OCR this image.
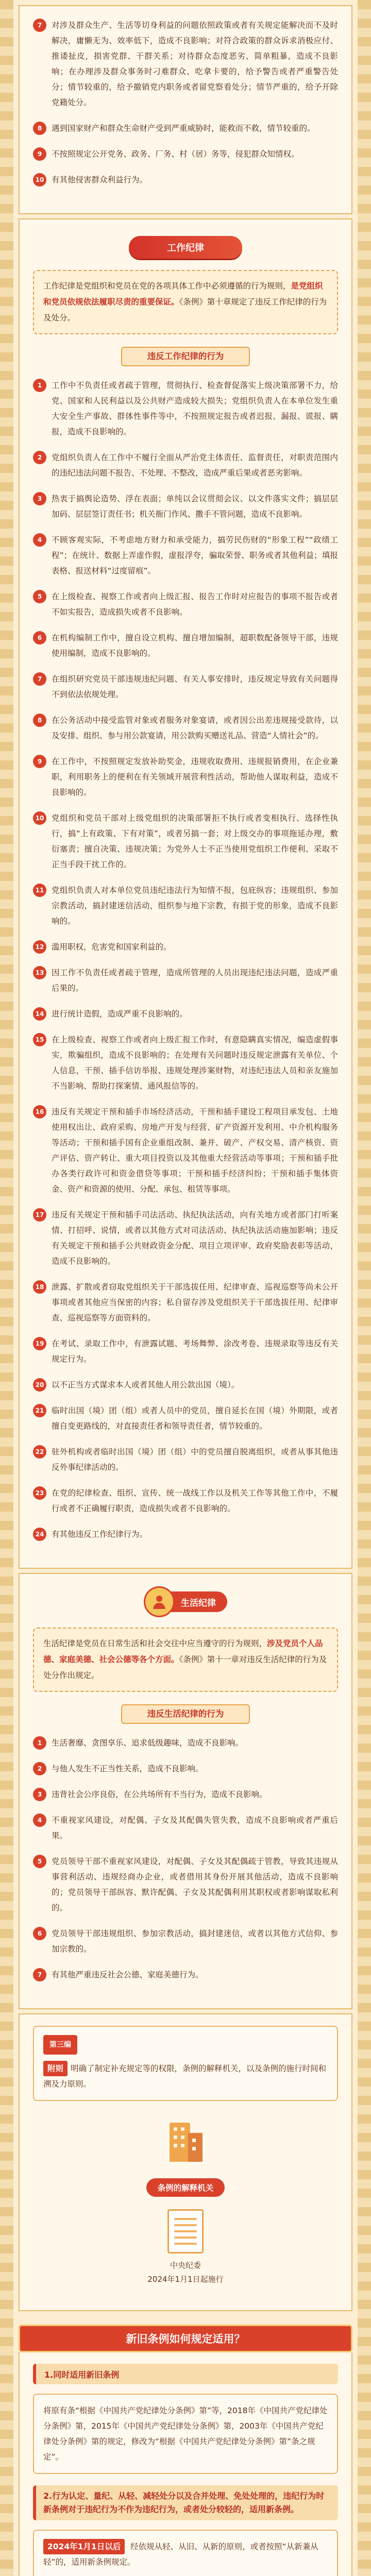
7	对涉及群众生产、生活等切身利益的问题依照政策或者有关规定能解决而不及时解决，庸懒无为、效率低下，造成不良影响；对符合政策的群众诉求消极应付、推诿扯皮，损害党群、干群关系；对待群众态度恶劣、简单粗暴，造成不良影响；在办理涉及群众事务时刁难群众、吃拿卡要的，给予警告或者严重警告处分；情节较重的，给予撤销党内职务或者留党察看处分；情节严重的，给予开除党籍处分。
8	遇到国家财产和群众生命财产受到严重威胁时，能救而不救，情节较重的。
9	不按照规定公开党务、政务、厂务、村（居）务等，侵犯群众知情权。
10 有其他侵害群众利益行为。
工作纪律
工作纪律是党组织和党员在党的各项具体工作中必须遵循的行为规则，是党组织和党员依规依法履职尽责的重要保证。《条例》第十章规定了违反工作纪律的行为及处分。
违反工作纪律的行为
1	工作中不负责任或者疏于管理，贯彻执行、检查督促落实上级决策部署不力，给党、国家和人民利益以及公共财产造成较大损失；党组织负责人在本单位发生重大安全生产事故、群体性事件等中，不按照规定报告或者迟报、漏报、谎报、瞒报，造成不良影响的。
2	党组织负责人在工作中不履行全面从严治党主体责任、监督责任，对职责范围内的违纪违法问题不报告、不处理、不整改，造成严重后果或者恶劣影响。
3	热衷于搞舆论造势、浮在表面；单纯以会议贯彻会议、以文件落实文件；搞层层加码、层层签订责任书；机关衙门作风、撒手不管问题，造成不良影响。
4	不顾客观实际，不考虑地方财力和承受能力，搞劳民伤财的“形象工程”“政绩工程”；在统计、数据上弄虚作假，虚报浮夸，骗取荣誉、职务或者其他利益；填报表格、报送材料“过度留痕”。
5	在上级检查、视察工作或者向上级汇报、报告工作时对应报告的事项不报告或者不如实报告，造成损失或者不良影响。
6	在机构编制工作中，擅自设立机构、擅自增加编制，超职数配备领导干部，违规使用编制，造成不良影响的。
7	在组织研究党员干部违规违纪问题、有关人事安排时，违反规定导致有关问题得不到依法依规处理。
8	在公务活动中接受监管对象或者服务对象宴请，或者因公出差违规接受款待，以及安排、组织、参与用公款宴请，用公款购买赠送礼品、营造“人情社会”的。
9	在工作中，不按照规定发放补助奖金，违规收取费用、违规报销费用，在企业兼职，利用职务上的便利在有关领域开展营利性活动，帮助他人谋取利益，造成不良影响的。
10 党组织和党员干部对上级党组织的决策部署拒不执行或者变相执行、选择性执行，搞“上有政策、下有对策”，或者另搞一套；对上级交办的事项拖延办理，敷衍塞责；擅自决策、违规决策；为党外人士不正当使用党组织工作便利、采取不正当手段干扰工作的。
11 党组织负责人对本单位党员违纪违法行为知情不报，包庇纵容；违规组织、参加宗教活动，搞封建迷信活动，组织参与地下宗教，有损于党的形象，造成不良影响的。
12 滥用职权，危害党和国家利益的。
13 因工作不负责任或者疏于管理，造成所管理的人员出现违纪违法问题，造成严重后果的。
14 进行统计造假，造成严重不良影响的。
15 在上级检查、视察工作或者向上级汇报工作时，有意隐瞒真实情况，编造虚假事实，欺骗组织，造成不良影响的；在处理有关问题时违反规定泄露有关单位、个人信息，干预、插手信访举报、违规处理涉案财物，对违纪违法人员和亲友施加不当影响、帮助打探案情、通风报信等的。
16 违反有关规定干预和插手市场经济活动，干预和插手建设工程项目承发包、土地使用权出让、政府采购、房地产开发与经营、矿产资源开发利用、中介机构服务等活动；干预和插手国有企业重组改制、兼并、破产、产权交易、清产核资、资产评估、资产转让、重大项目投资以及其他重大经营活动等事项；干预和插手批办各类行政许可和资金借贷等事项；干预和插手经济纠纷；干预和插手集体资金、资产和资源的使用、分配、承包、租赁等事项。
17 违反有关规定干预和插手司法活动、执纪执法活动，向有关地方或者部门打听案情、打招呼、说情，或者以其他方式对司法活动、执纪执法活动施加影响；违反有关规定干预和插手公共财政资金分配、项目立项评审、政府奖励表彰等活动，造成不良影响的。
18 泄露、扩散或者窃取党组织关于干部选拔任用、纪律审查、巡视巡察等尚未公开事项或者其他应当保密的内容；私自留存涉及党组织关于干部选拔任用、纪律审查、巡视巡察等方面资料的。
19 在考试、录取工作中，有泄露试题、考场舞弊、涂改考卷、违规录取等违反有关规定行为。
20 以不正当方式谋求本人或者其他人用公款出国（境）。
21 临时出国（境）团（组）或者人员中的党员，擅自延长在国（境）外期限，或者擅自变更路线的，对直接责任者和领导责任者，情节较重的。
22 驻外机构或者临时出国（境）团（组）中的党员擅自脱离组织，或者从事其他违反外事纪律活动的。
23 在党的纪律检查、组织、宣传、统一战线工作以及机关工作等其他工作中，不履行或者不正确履行职责，造成损失或者不良影响的。
24 有其他违反工作纪律行为。
生活纪律
生活纪律是党员在日常生活和社会交往中应当遵守的行为规则，涉及党员个人品德、家庭美德、社会公德等各个方面。《条例》第十一章对违反生活纪律的行为及处分作出规定。
违反生活纪律的行为
1	生活奢靡、贪图享乐、追求低级趣味，造成不良影响。
2	与他人发生不正当性关系，造成不良影响。
3	违背社会公序良俗，在公共场所有不当行为，造成不良影响。
4	不重视家风建设，对配偶、子女及其配偶失管失教，造成不良影响或者严重后果。
5	党员领导干部不重视家风建设，对配偶、子女及其配偶疏于管教，导致其违规从事营利活动、违规经商办企业，或者借用其身份开展其他活动，造成不良影响的；党员领导干部纵容、默许配偶、子女及其配偶利用其职权或者影响谋取私利的。
6	党员领导干部违规组织、参加宗教活动，搞封建迷信，或者以其他方式信仰、参加宗教的。
7	有其他严重违反社会公德、家庭美德行为。
第三编
附则 明确了制定补充规定等的权限，条例的解释机关，以及条例的施行时间和溯及力原则。
条例的解释机关
中央纪委
2024年1月1日起施行
新旧条例如何规定适用？
1.同时适用新旧条例
将原有条“根据《中国共产党纪律处分条例》第”等，2018年《中国共产党纪律处分条例》第，2015年《中国共产党纪律处分条例》第，2003年《中国共产党纪律处分条例》第的规定，修改为“根据《中国共产党纪律处分条例》第”条之规定”。
2.行为认定、量纪、从轻、减轻处分以及合并处理、免处处理的，违纪行为时新条例对于违纪行为不作为违纪行为，或者处分较轻的，适用新条例。
2024年1月1日以后 经依规从轻、从旧、从新的原则，或者按照“从新兼从轻”的，适用新条例规定。
